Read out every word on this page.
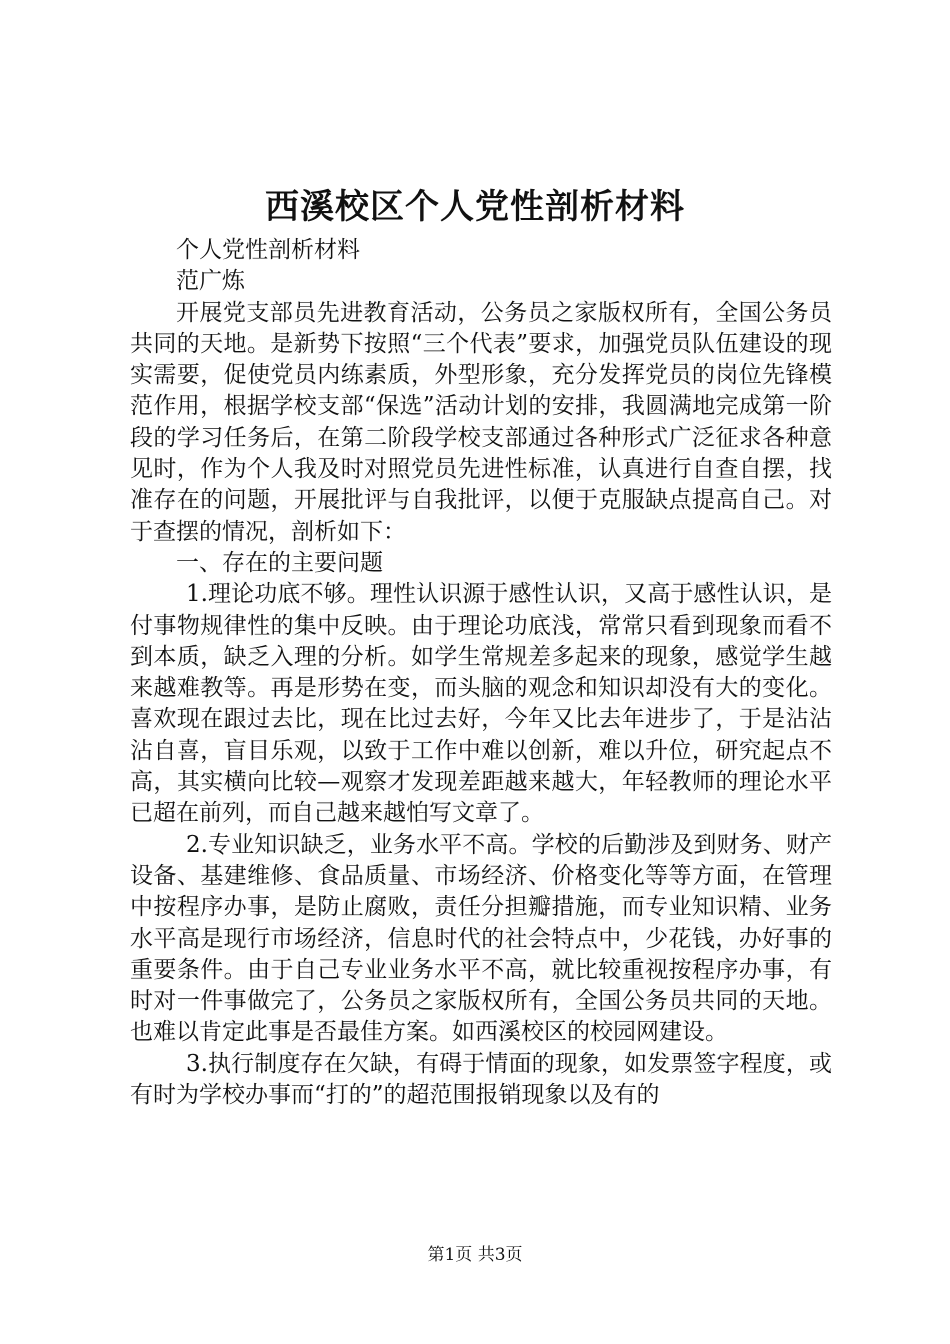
西溪校区个人党性剖析材料

个人党性剖析材料

范广炼

开展党支部员先进教育活动，公务员之家版权所有，全国公务员共同的天地。是新势下按照“三个代表”要求，加强党员队伍建设的现实需要，促使党员内练素质，外型形象，充分发挥党员的岗位先锋模范作用，根据学校支部“保选”活动计划的安排，我圆满地完成第一阶段的学习任务后，在第二阶段学校支部通过各种形式广泛征求各种意见时，作为个人我及时对照党员先进性标准，认真进行自查自摆，找准存在的问题，开展批评与自我批评，以便于克服缺点提高自己。对于查摆的情况，剖析如下：

一、存在的主要问题

1.理论功底不够。理性认识源于感性认识，又高于感性认识，是付事物规律性的集中反映。由于理论功底浅，常常只看到现象而看不到本质，缺乏入理的分析。如学生常规差多起来的现象，感觉学生越来越难教等。再是形势在变，而头脑的观念和知识却没有大的变化。喜欢现在跟过去比，现在比过去好，今年又比去年进步了，于是沾沾沾自喜，盲目乐观，以致于工作中难以创新，难以升位，研究起点不高，其实横向比较—观察才发现差距越来越大，年轻教师的理论水平已超在前列，而自己越来越怕写文章了。

2.专业知识缺乏，业务水平不高。学校的后勤涉及到财务、财产设备、基建维修、食品质量、市场经济、价格变化等等方面，在管理中按程序办事，是防止腐败，责任分担瓣措施，而专业知识精、业务水平高是现行市场经济，信息时代的社会特点中，少花钱，办好事的重要条件。由于自己专业业务水平不高，就比较重视按程序办事，有时对一件事做完了，公务员之家版权所有，全国公务员共同的天地。也难以肯定此事是否最佳方案。如西溪校区的校园网建设。

3.执行制度存在欠缺，有碍于情面的现象，如发票签字程度，或有时为学校办事而“打的”的超范围报销现象以及有的

第1页 共3页
